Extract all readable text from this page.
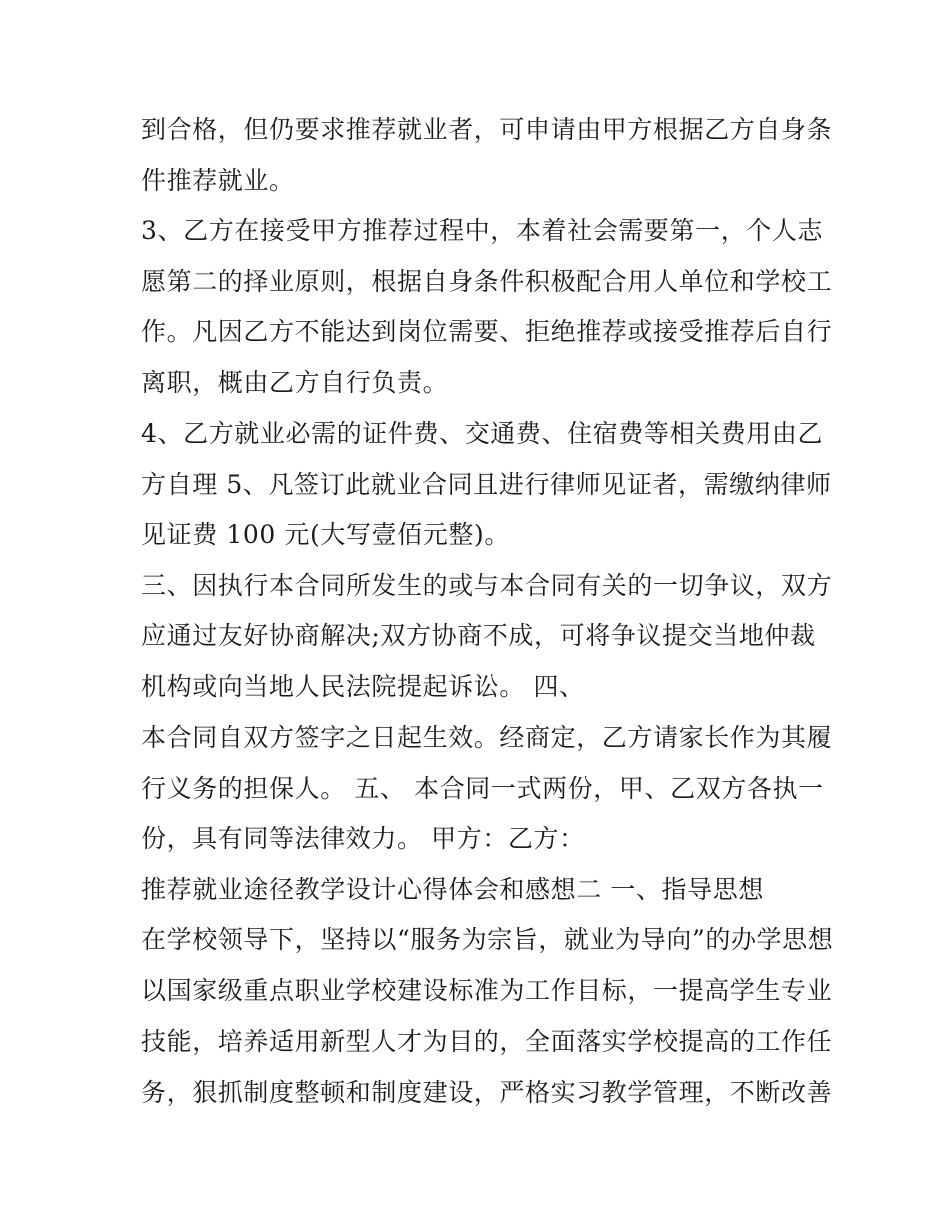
到合格，但仍要求推荐就业者，可申请由甲方根据乙方自身条
件推荐就业。
3、乙方在接受甲方推荐过程中，本着社会需要第一，个人志
愿第二的择业原则，根据自身条件积极配合用人单位和学校工
作。凡因乙方不能达到岗位需要、拒绝推荐或接受推荐后自行
离职，概由乙方自行负责。
4、乙方就业必需的证件费、交通费、住宿费等相关费用由乙
方自理 5、凡签订此就业合同且进行律师见证者，需缴纳律师
见证费 100 元(大写壹佰元整)。
三、因执行本合同所发生的或与本合同有关的一切争议，双方
应通过友好协商解决;双方协商不成，可将争议提交当地仲裁
机构或向当地人民法院提起诉讼。 四、
本合同自双方签字之日起生效。经商定，乙方请家长作为其履
行义务的担保人。 五、 本合同一式两份，甲、乙双方各执一
份，具有同等法律效力。 甲方：乙方：
推荐就业途径教学设计心得体会和感想二 一、指导思想
在学校领导下，坚持以“服务为宗旨，就业为导向”的办学思想
以国家级重点职业学校建设标准为工作目标，一提高学生专业
技能，培养适用新型人才为目的，全面落实学校提高的工作任
务，狠抓制度整顿和制度建设，严格实习教学管理，不断改善
